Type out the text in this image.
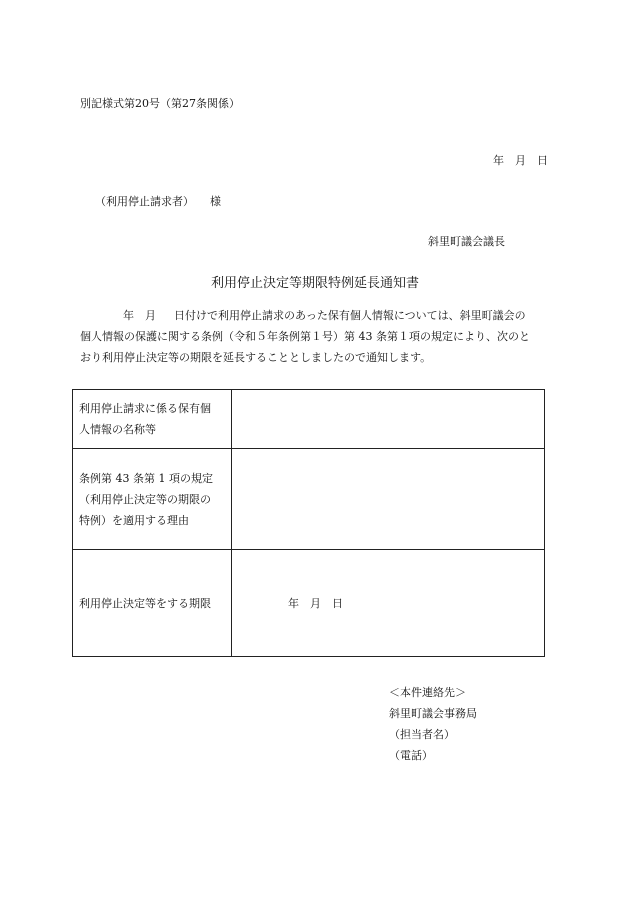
別記様式第20号（第27条関係）
年　月　日
（利用停止請求者） 様
斜里町議会議長
利用停止決定等期限特例延長通知書
年　月 日付けで利用停止請求のあった保有個人情報については、斜里町議会の
個人情報の保護に関する条例（令和５年条例第１号）第 43 条第１項の規定により、次のと
おり利用停止決定等の期限を延長することとしましたので通知します。
利用停止請求に係る保有個
人情報の名称等	

条例第 43 条第 1 項の規定
（利用停止決定等の期限の
特例）を適用する理由	

利用停止決定等をする期限	年　月　日
＜本件連絡先＞
斜里町議会事務局
（担当者名）
（電話）
